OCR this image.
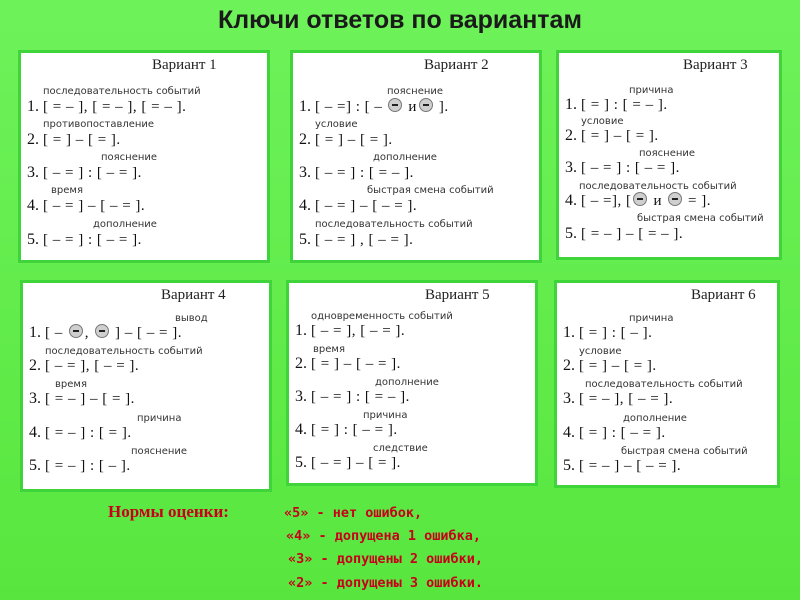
Ключи ответов по вариантам
Вариант 1
последовательность событий
1. [ = – ], [ = – ], [ = – ].
противопоставление
2. [ = ] – [ = ].
пояснение
3. [ – = ] : [ – = ].
время
4. [ – = ] – [ – = ].
дополнение
5. [ – = ] : [ – = ].
Вариант 2
пояснение
1. [ – =] : [ – и ].
условие
2. [ = ] – [ = ].
дополнение
3. [ – = ] : [ = – ].
быстрая смена событий
4. [ – = ] – [ – = ].
последовательность событий
5. [ – = ] , [ – = ].
Вариант 3
причина
1. [ = ] : [ = – ].
условие
2. [ = ] – [ = ].
пояснение
3. [ – = ] : [ – = ].
последовательность событий
4. [ – =], [ и = ].
быстрая смена событий
5. [ = – ] – [ = – ].
Вариант 4
вывод
1. [ – , ] – [ – = ].
последовательность событий
2. [ – = ], [ – = ].
время
3. [ = – ] – [ = ].
причина
4. [ = – ] : [ = ].
пояснение
5. [ = – ] : [ – ].
Вариант 5
одновременность событий
1. [ – = ], [ – = ].
время
2. [ = ] – [ – = ].
дополнение
3. [ – = ] : [ = – ].
причина
4. [ = ] : [ – = ].
следствие
5. [ – = ] – [ = ].
Вариант 6
причина
1. [ = ] : [ – ].
условие
2. [ = ] – [ = ].
последовательность событий
3. [ = – ], [ – = ].
дополнение
4. [ = ] : [ – = ].
быстрая смена событий
5. [ = – ] – [ – = ].
Нормы оценки:	«5» - нет ошибок,
«4» - допущена 1 ошибка,
«3» - допущены 2 ошибки,
«2» - допущены 3 ошибки.
